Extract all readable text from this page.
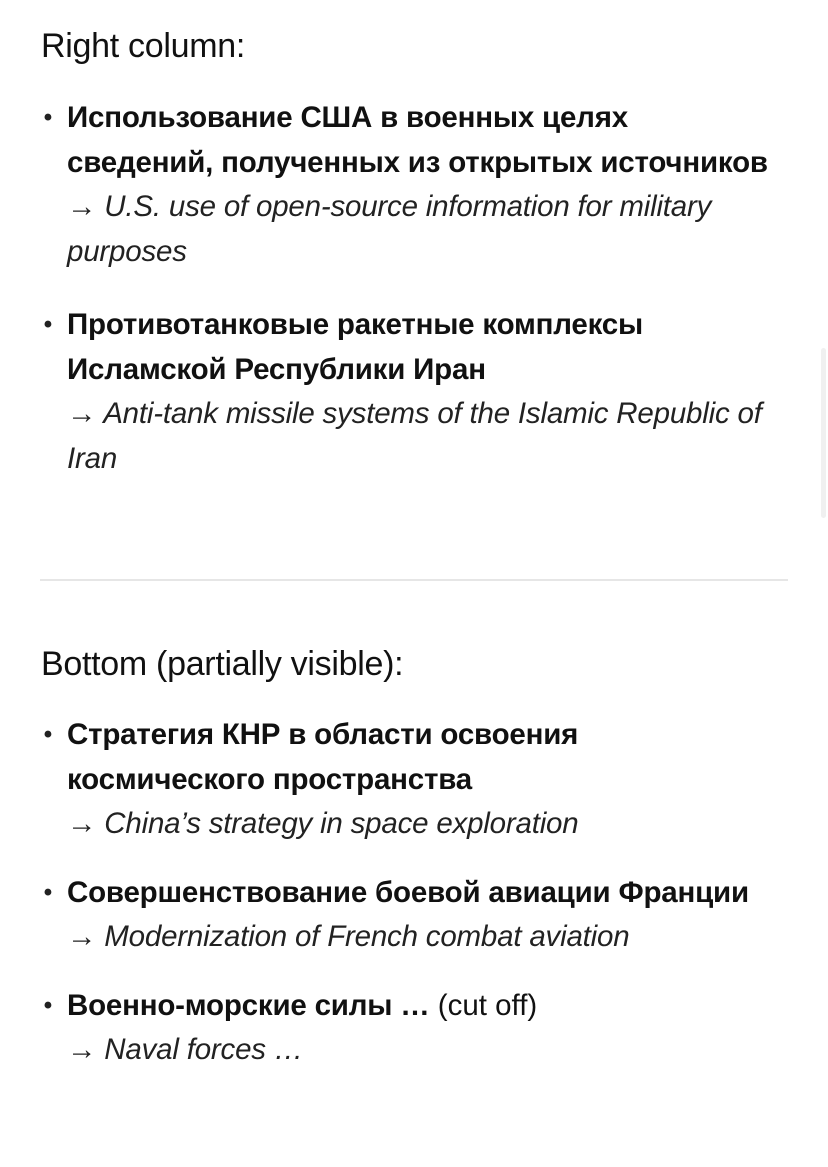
Right column:
• Использование США в военных целях сведений, полученных из открытых источников
→ U.S. use of open-source information for military purposes
• Противотанковые ракетные комплексы Исламской Республики Иран
→ Anti-tank missile systems of the Islamic Republic of Iran
Bottom (partially visible):
• Стратегия КНР в области освоения космического пространства
→ China’s strategy in space exploration
• Совершенствование боевой авиации Франции
→ Modernization of French combat aviation
• Военно-морские силы … (cut off)
→ Naval forces …
